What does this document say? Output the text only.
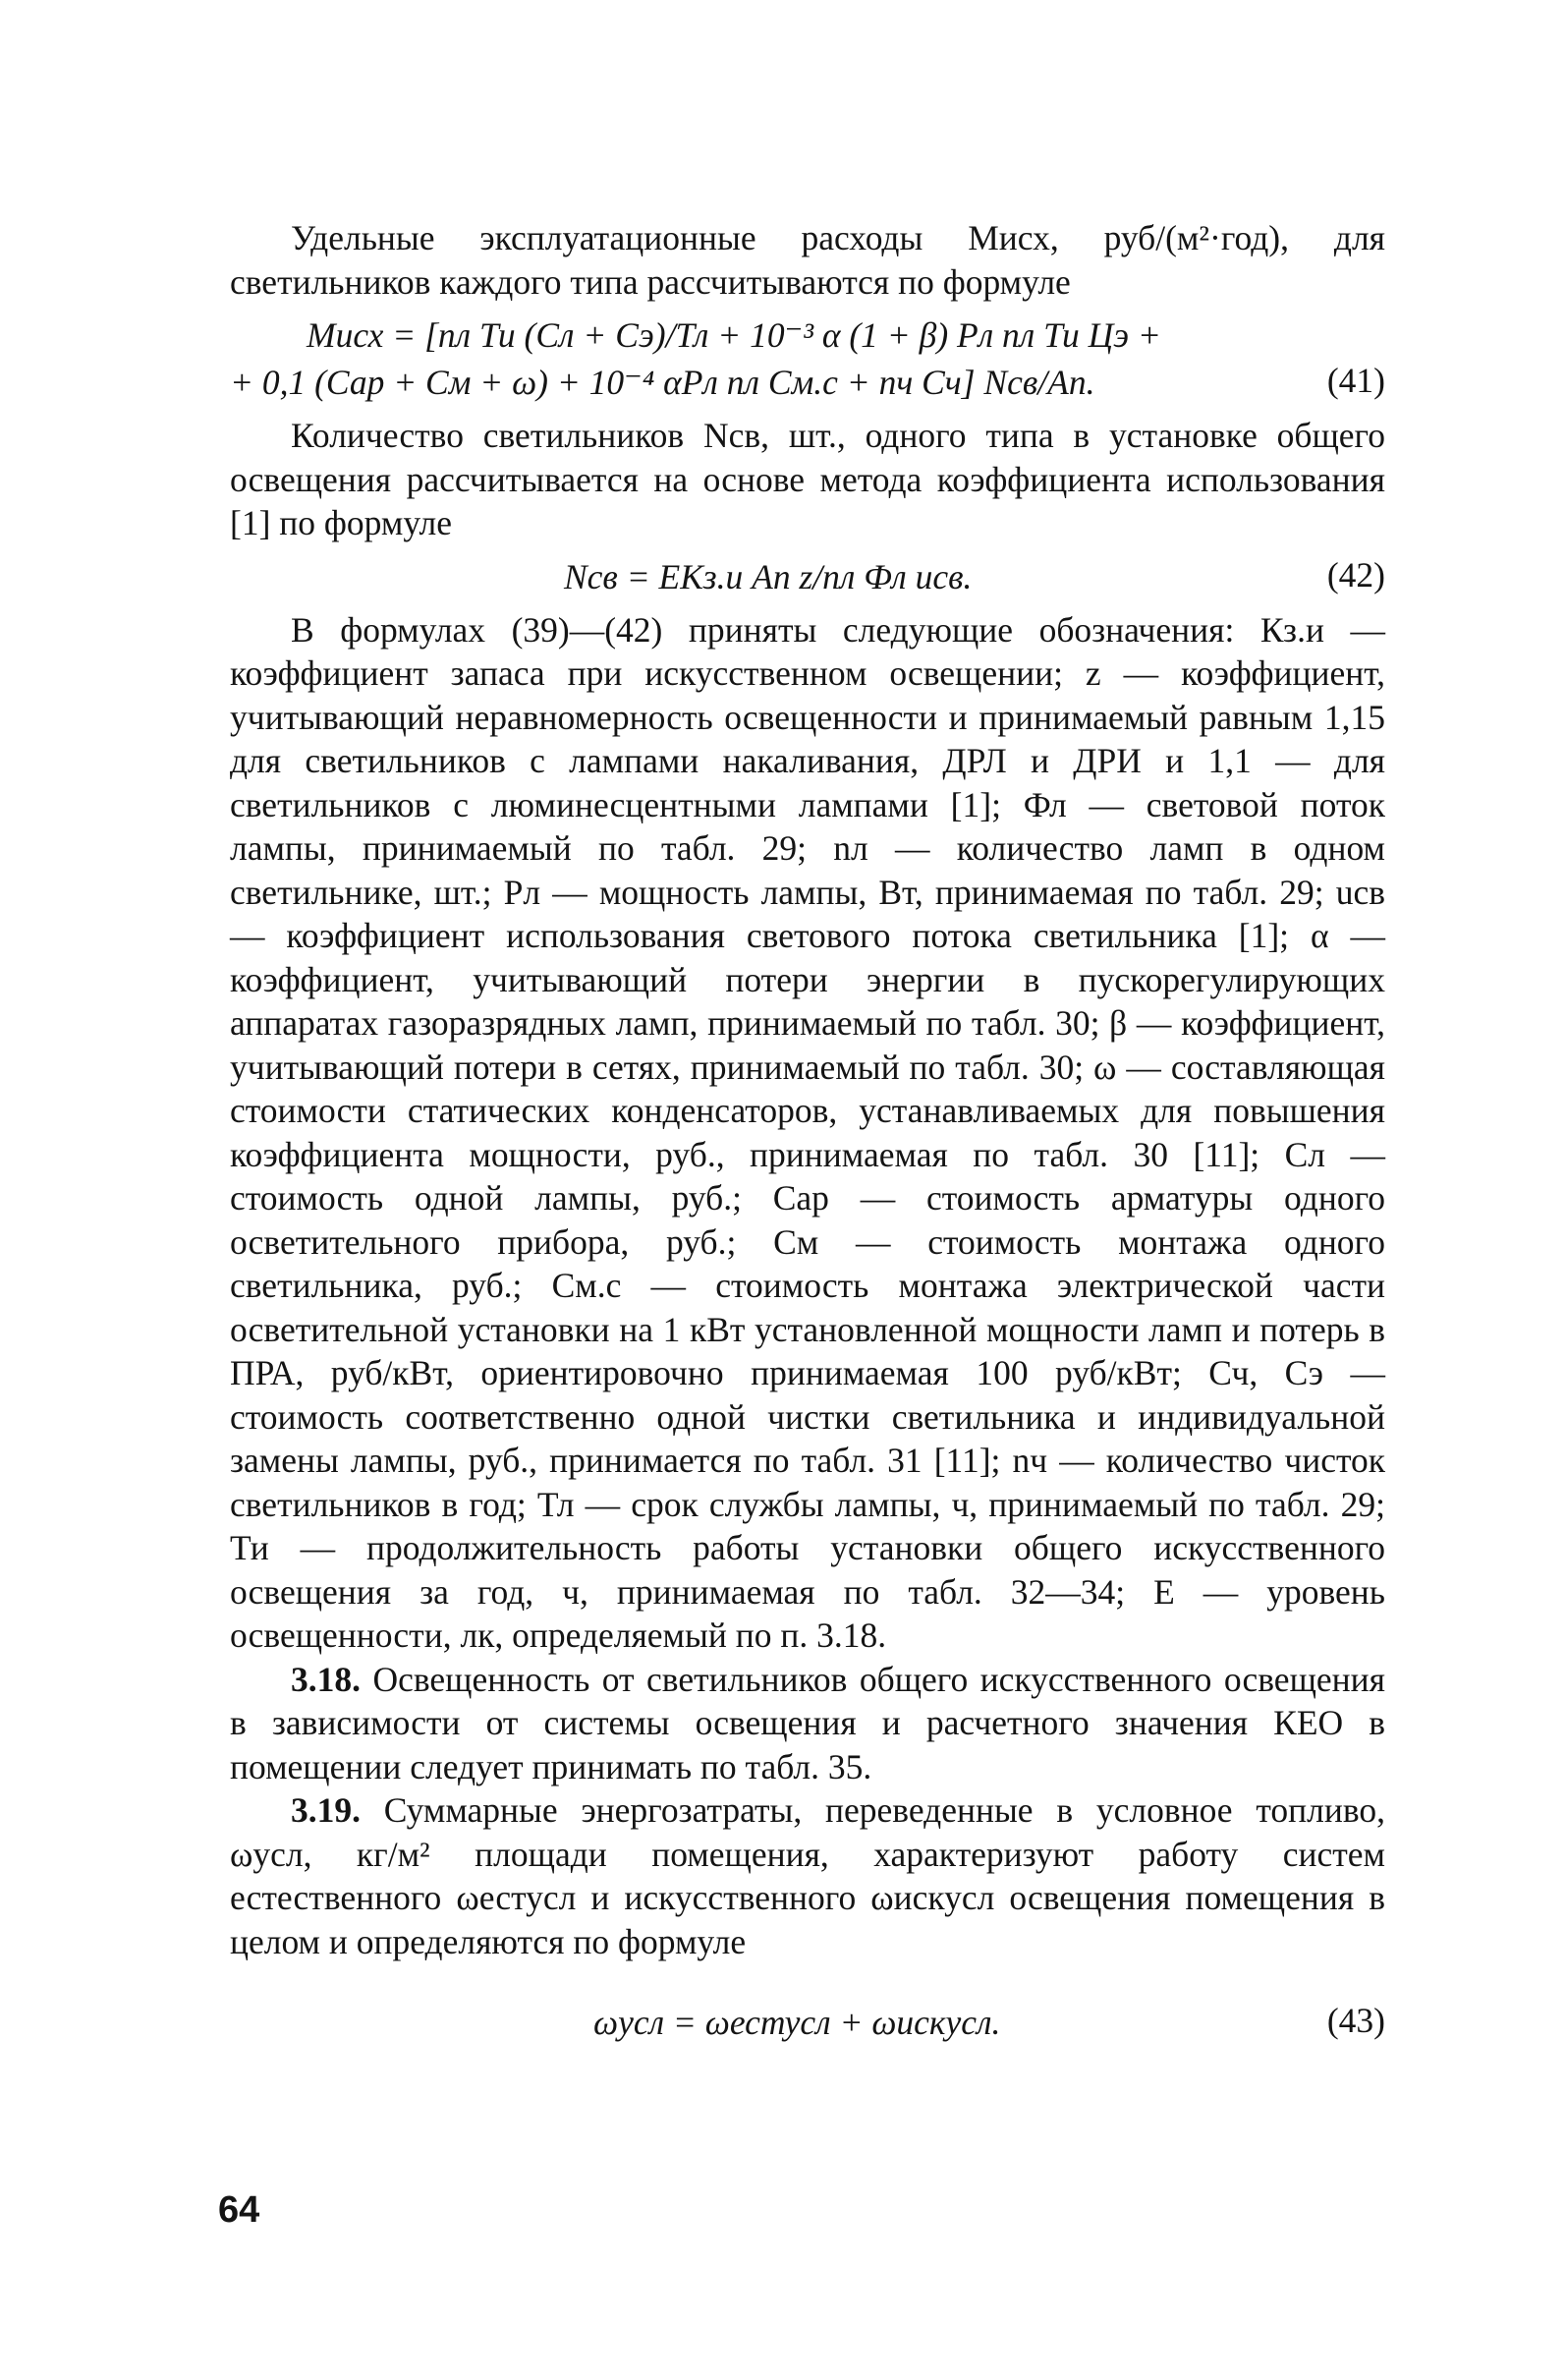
Удельные эксплуатационные расходы Мисх, руб/(м²·год), для светильников каждого типа рассчитываются по формуле

Мисх = [nл Ти (Сл + Сэ)/Тл + 10⁻³ α (1 + β) Рл nл Ти Цэ +
+ 0,1 (Сар + См + ω) + 10⁻⁴ αРл nл См.с + nч Сч] Nсв/Ап.	(41)

Количество светильников Nсв, шт., одного типа в установке общего освещения рассчитывается на основе метода коэффициента использования [1] по формуле

Nсв = EКз.и Ап z/nл Фл uсв.	(42)

В формулах (39)—(42) приняты следующие обозначения: Кз.и — коэффициент запаса при искусственном освещении; z — коэффициент, учитывающий неравномерность освещенности и принимаемый равным 1,15 для светильников с лампами накаливания, ДРЛ и ДРИ и 1,1 — для светильников с люминесцентными лампами [1]; Фл — световой поток лампы, принимаемый по табл. 29; nл — количество ламп в одном светильнике, шт.; Рл — мощность лампы, Вт, принимаемая по табл. 29; uсв — коэффициент использования светового потока светильника [1]; α — коэффициент, учитывающий потери энергии в пускорегулирующих аппаратах газоразрядных ламп, принимаемый по табл. 30; β — коэффициент, учитывающий потери в сетях, принимаемый по табл. 30; ω — составляющая стоимости статических конденсаторов, устанавливаемых для повышения коэффициента мощности, руб., принимаемая по табл. 30 [11]; Сл — стоимость одной лампы, руб.; Сар — стоимость арматуры одного осветительного прибора, руб.; См — стоимость монтажа одного светильника, руб.; См.с — стоимость монтажа электрической части осветительной установки на 1 кВт установленной мощности ламп и потерь в ПРА, руб/кВт, ориентировочно принимаемая 100 руб/кВт; Сч, Сэ — стоимость соответственно одной чистки светильника и индивидуальной замены лампы, руб., принимается по табл. 31 [11]; nч — количество чисток светильников в год; Тл — срок службы лампы, ч, принимаемый по табл. 29; Ти — продолжительность работы установки общего искусственного освещения за год, ч, принимаемая по табл. 32—34; Е — уровень освещенности, лк, определяемый по п. 3.18.

3.18. Освещенность от светильников общего искусственного освещения в зависимости от системы освещения и расчетного значения КЕО в помещении следует принимать по табл. 35.

3.19. Суммарные энергозатраты, переведенные в условное топливо, ωусл, кг/м² площади помещения, характеризуют работу систем естественного ωестусл и искусственного ωискусл освещения помещения в целом и определяются по формуле

ωусл = ωестусл + ωискусл.	(43)
64
